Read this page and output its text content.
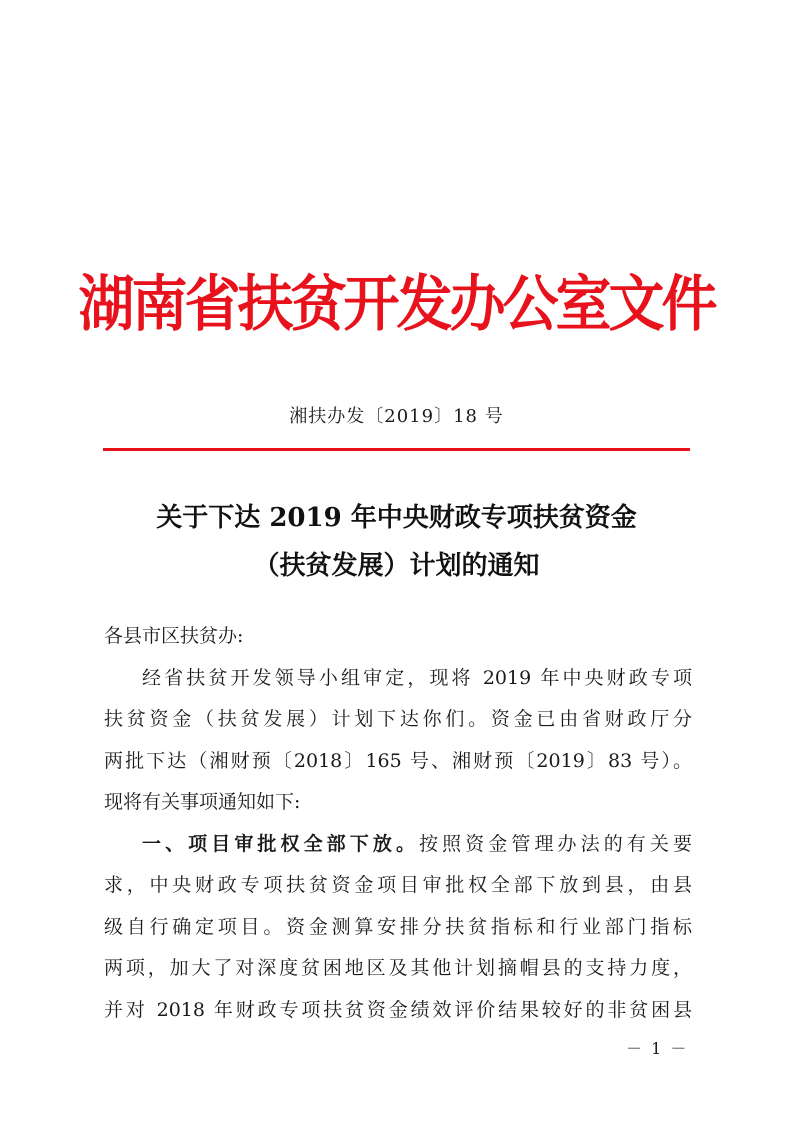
湖南省扶贫开发办公室文件
湘扶办发〔2019〕18 号
关于下达 2019 年中央财政专项扶贫资金
（扶贫发展）计划的通知
各县市区扶贫办:
经省扶贫开发领导小组审定，现将 2019 年中央财政专项
扶贫资金（扶贫发展）计划下达你们。资金已由省财政厅分
两批下达（湘财预〔2018〕165 号、湘财预〔2019〕83 号）。
现将有关事项通知如下:
一、项目审批权全部下放。按照资金管理办法的有关要
求，中央财政专项扶贫资金项目审批权全部下放到县，由县
级自行确定项目。资金测算安排分扶贫指标和行业部门指标
两项，加大了对深度贫困地区及其他计划摘帽县的支持力度，
并对 2018 年财政专项扶贫资金绩效评价结果较好的非贫困县
－ 1 －
